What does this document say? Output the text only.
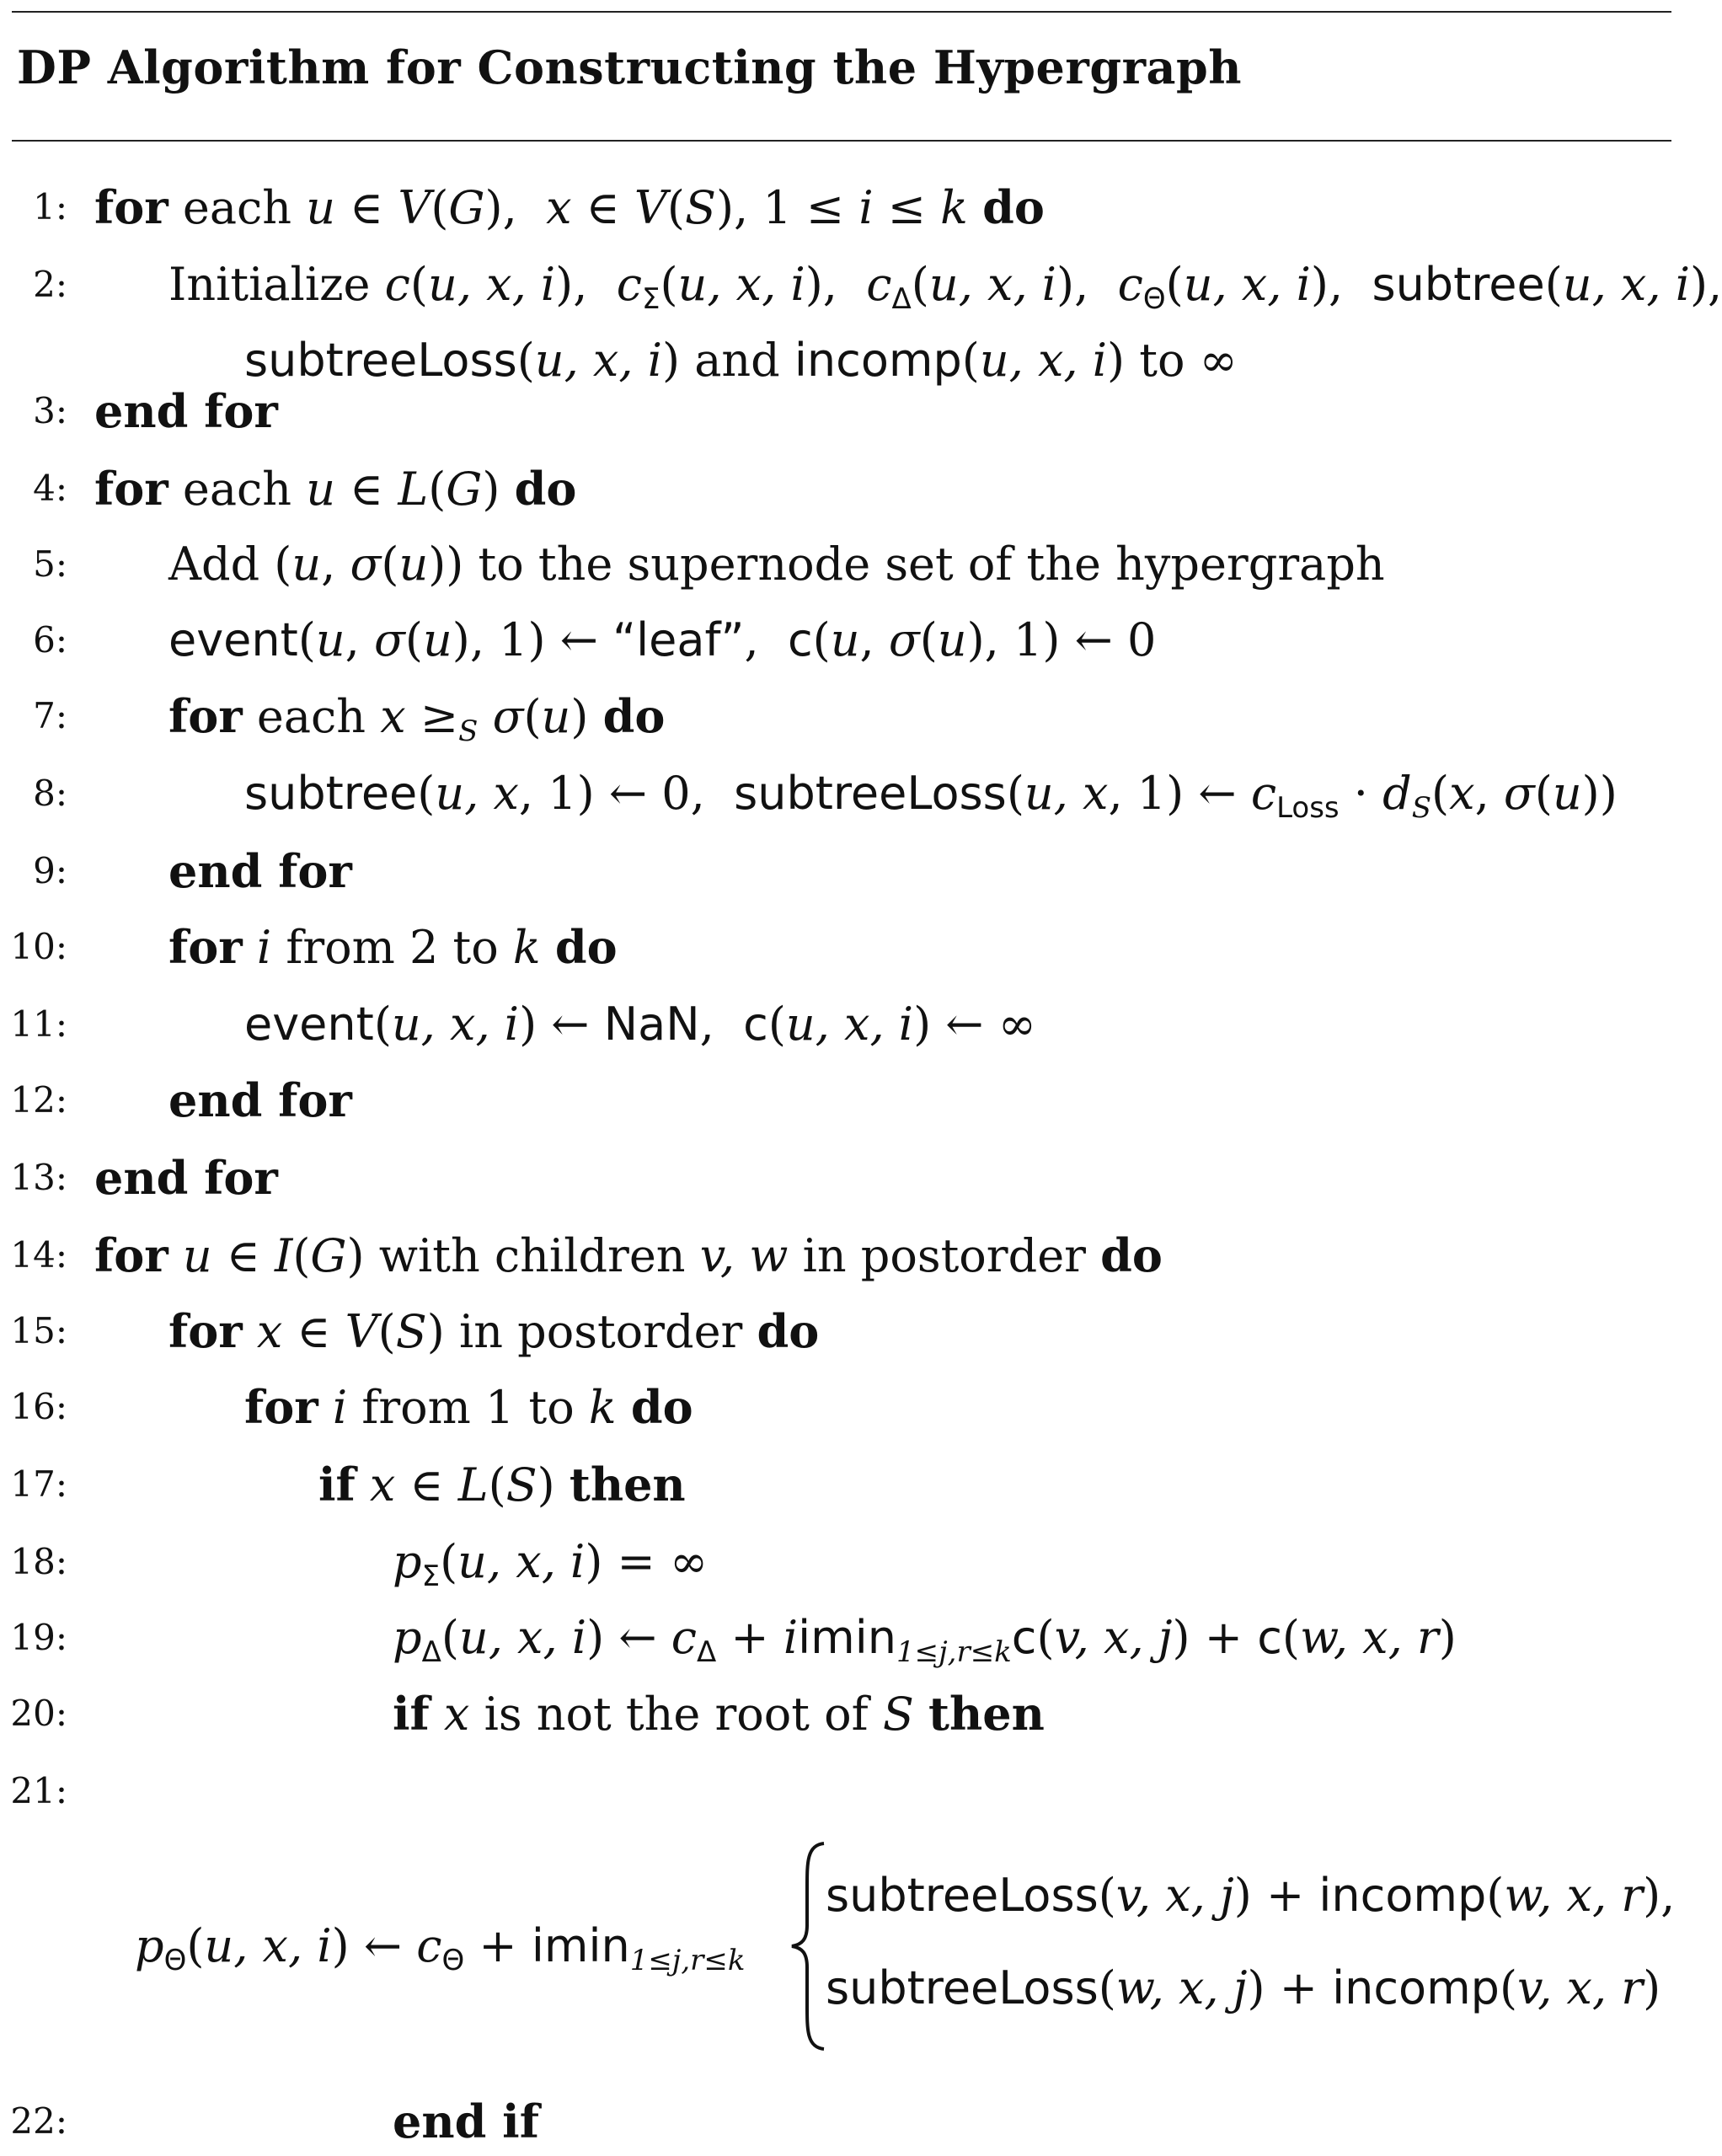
DP Algorithm for Constructing the Hypergraph
1: for each u ∈ V(G),  x ∈ V(S), 1 ≤ i ≤ k do
2: Initialize c(u, x, i),  cΣ(u, x, i),  cΔ(u, x, i),  cΘ(u, x, i),  subtree(u, x, i),
subtreeLoss(u, x, i) and incomp(u, x, i) to ∞
3: end for
4: for each u ∈ L(G) do
5: Add (u, σ(u)) to the supernode set of the hypergraph
6: event(u, σ(u), 1) ← “leaf”,  c(u, σ(u), 1) ← 0
7: for each $x \ge_S$ σ(u) do
8:	subtree(u, x, 1) ← 0,  subtreeLoss(u, x, 1) ← cLoss · $d_S(x$, σ(u))
9: end for
10: for i from 2 to k do
11:	event(u, x, i) ← NaN,  c(u, x, i) ← ∞
12: end for
13: end for
14: for u ∈ I(G) with children v, w in postorder do
15: for x ∈ V(S) in postorder do
16:	for i from 1 to k do
17:	if x ∈ L(S) then
18:	pΣ(u, x, i) = ∞
19:	pΔ(u, x, i) ← cΔ + iimin$_{1\le j,r\le k}$c(v, x, j) + c(w, x, r)
20:	if x is not the root of S then
21:
pΘ(u, x, i) ← cΘ + imin$_{1\le j,r\le k}$
subtreeLoss(v, x, j) + incomp(w, x, r),
subtreeLoss(w, x, j) + incomp(v, x, r)
22:	end if
